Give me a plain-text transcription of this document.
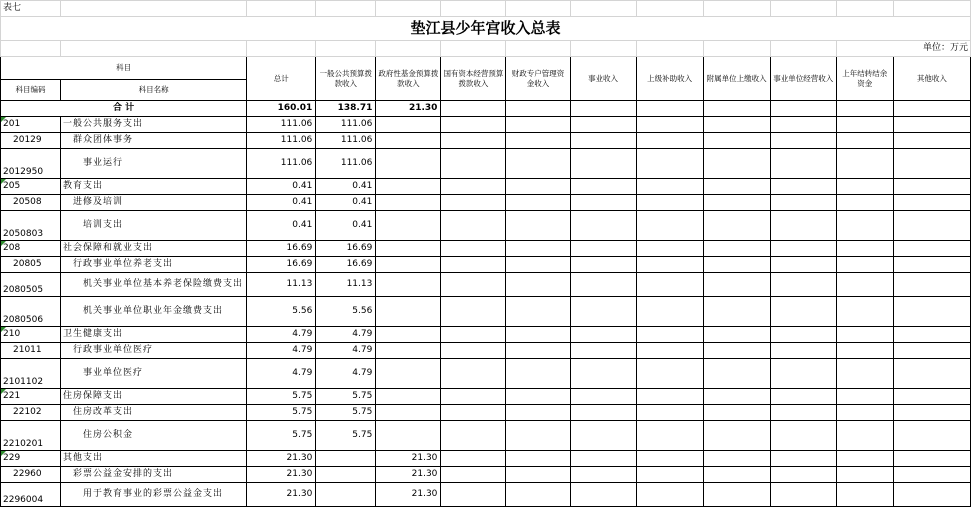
表七												
垫江县少年宫收入总表												
											单位：万元	
科目		总计	一般公共预算拨款收入	政府性基金预算拨款收入	国有资本经营预算拨款收入	财政专户管理资金收入	事业收入	上级补助收入	附属单位上缴收入	事业单位经营收入	上年结转结余资金	其他收入
科目编码	科目名称											
合 计		160.01	138.71	21.30								
201	一般公共服务支出	111.06	111.06									
20129	群众团体事务	111.06	111.06									
2012950	事业运行	111.06	111.06									
205	教育支出	0.41	0.41									
20508	进修及培训	0.41	0.41									
2050803	培训支出	0.41	0.41									
208	社会保障和就业支出	16.69	16.69									
20805	行政事业单位养老支出	16.69	16.69									
2080505	机关事业单位基本养老保险缴费支出	11.13	11.13									
2080506	机关事业单位职业年金缴费支出	5.56	5.56									
210	卫生健康支出	4.79	4.79									
21011	行政事业单位医疗	4.79	4.79									
2101102	事业单位医疗	4.79	4.79									
221	住房保障支出	5.75	5.75									
22102	住房改革支出	5.75	5.75									
2210201	住房公积金	5.75	5.75									
229	其他支出	21.30		21.30								
22960	彩票公益金安排的支出	21.30		21.30								
2296004	用于教育事业的彩票公益金支出	21.30		21.30								
